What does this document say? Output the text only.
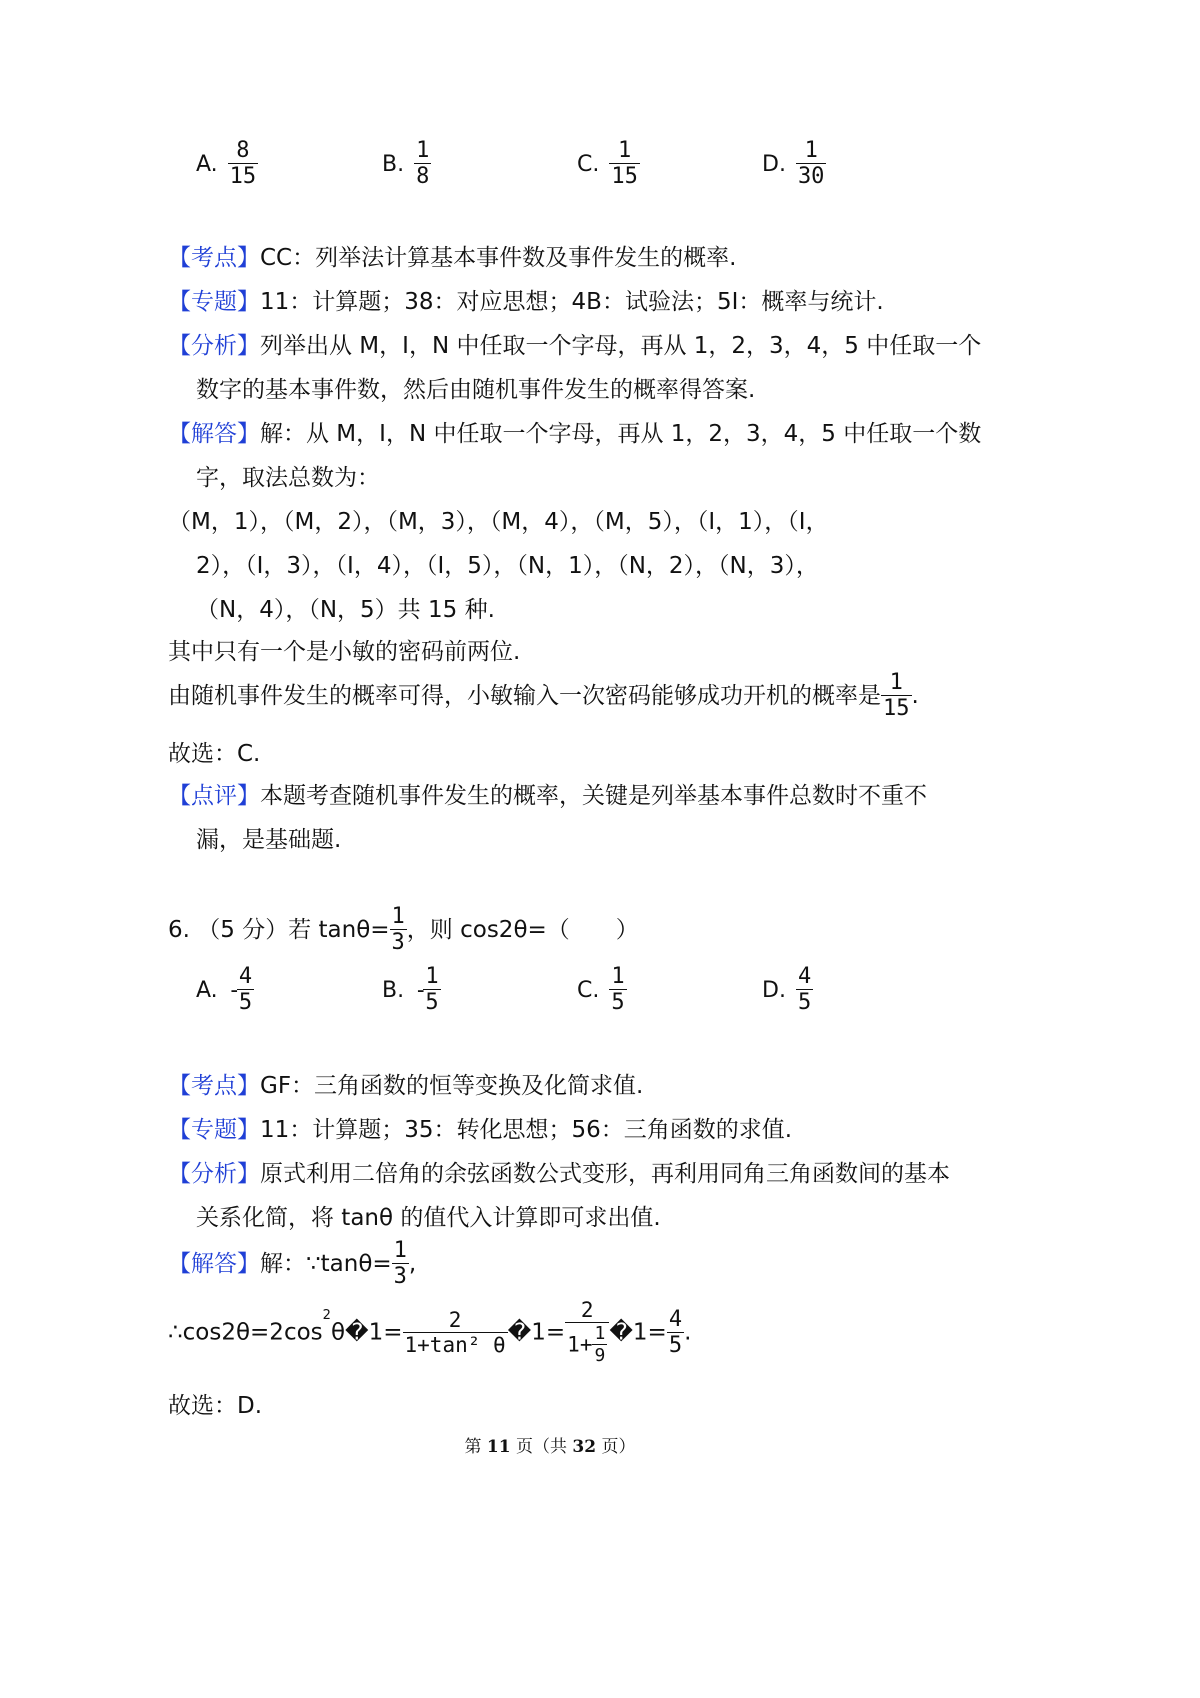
A. $\frac{8}{15}$	B. $\frac{1}{8}$	C. $\frac{1}{15}$	D. $\frac{1}{30}$
【考点】CC：列举法计算基本事件数及事件发生的概率.
【专题】11：计算题；38：对应思想；4B：试验法；5I：概率与统计.
【分析】列举出从 M，I，N 中任取一个字母，再从 1，2，3，4，5 中任取一个
数字的基本事件数，然后由随机事件发生的概率得答案.
【解答】解：从 M，I，N 中任取一个字母，再从 1，2，3，4，5 中任取一个数
字，取法总数为：
（M，1），（M，2），（M，3），（M，4），（M，5），（I，1），（I，
2），（I，3），（I，4），（I，5），（N，1），（N，2），（N，3），
（N，4），（N，5）共 15 种.
其中只有一个是小敏的密码前两位.
由随机事件发生的概率可得，小敏输入一次密码能够成功开机的概率是 $\frac{1}{15}$ .
故选：C.
【点评】本题考查随机事件发生的概率，关键是列举基本事件总数时不重不
漏，是基础题.
6. （5 分）若 $\tan\theta= \frac{1}{3}$ ，则 cos2θ=（　　）
A. -
$\frac{4}{5}$	B. -
$\frac{1}{5}$	C. $\frac{1}{5}$	D. $\frac{4}{5}$
【考点】GF：三角函数的恒等变换及化简求值.
【专题】11：计算题；35：转化思想；56：三角函数的求值.
【分析】原式利用二倍角的余弦函数公式变形，再利用同角三角函数间的基本
关系化简，将 tanθ 的值代入计算即可求出值.
【解答】解：∵tanθ= $\frac{1}{3}$ ,
$\therefore\cos 2\theta=2\cos^2\theta�1= \frac{2}{\text{1+tan² θ}}$ �1= $\frac{2}{1+ \frac{1}{9}}$ �1= $\frac{4}{5}$ .
故选：D.
第 11 页（共 32 页）
